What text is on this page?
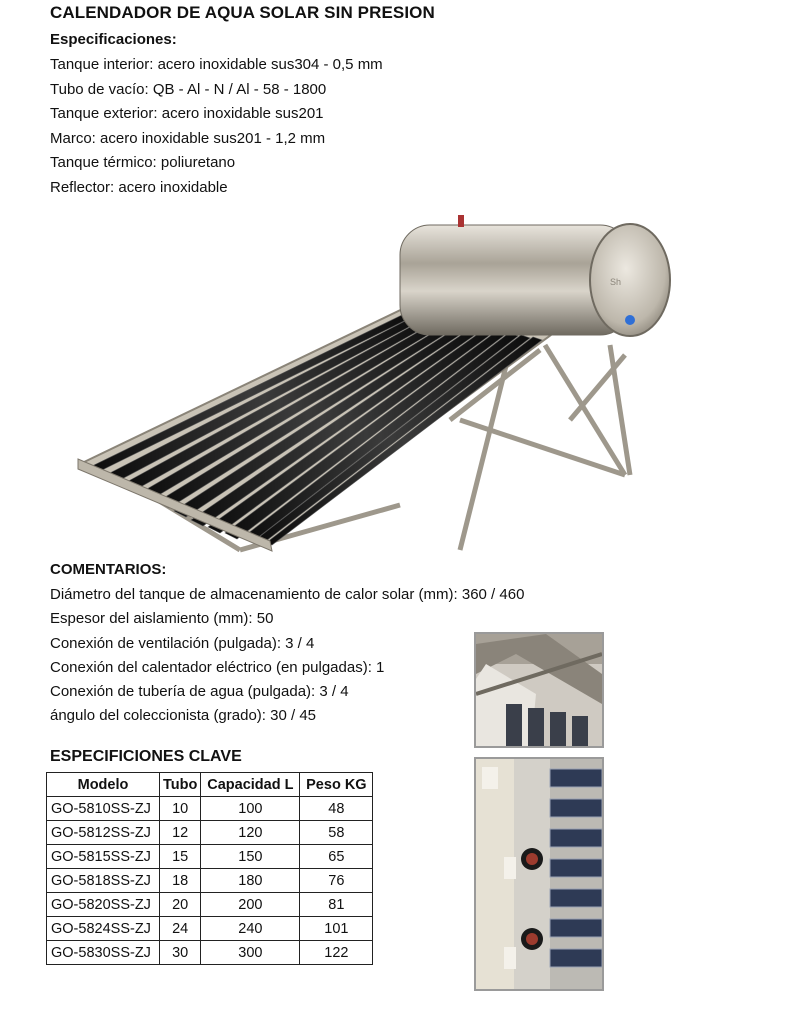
CALENDADOR DE AQUA SOLAR SIN PRESION
Especificaciones:
Tanque interior: acero inoxidable sus304 - 0,5 mm
Tubo de vacío: QB - Al - N / Al - 58 - 1800
Tanque exterior: acero inoxidable sus201
Marco: acero inoxidable sus201 - 1,2 mm
Tanque térmico: poliuretano
Reflector: acero inoxidable
Sh
COMENTARIOS:
Diámetro del tanque de almacenamiento de calor solar (mm): 360 / 460
Espesor del aislamiento (mm): 50
Conexión de ventilación (pulgada): 3 / 4
Conexión del calentador eléctrico (en pulgadas): 1
Conexión de tubería de agua (pulgada): 3 / 4
ángulo del coleccionista (grado): 30 / 45
ESPECIFICIONES CLAVE
Modelo	Tubo	Capacidad L	Peso KG
GO-5810SS-ZJ	10	100	48
GO-5812SS-ZJ	12	120	58
GO-5815SS-ZJ	15	150	65
GO-5818SS-ZJ	18	180	76
GO-5820SS-ZJ	20	200	81
GO-5824SS-ZJ	24	240	101
GO-5830SS-ZJ	30	300	122
